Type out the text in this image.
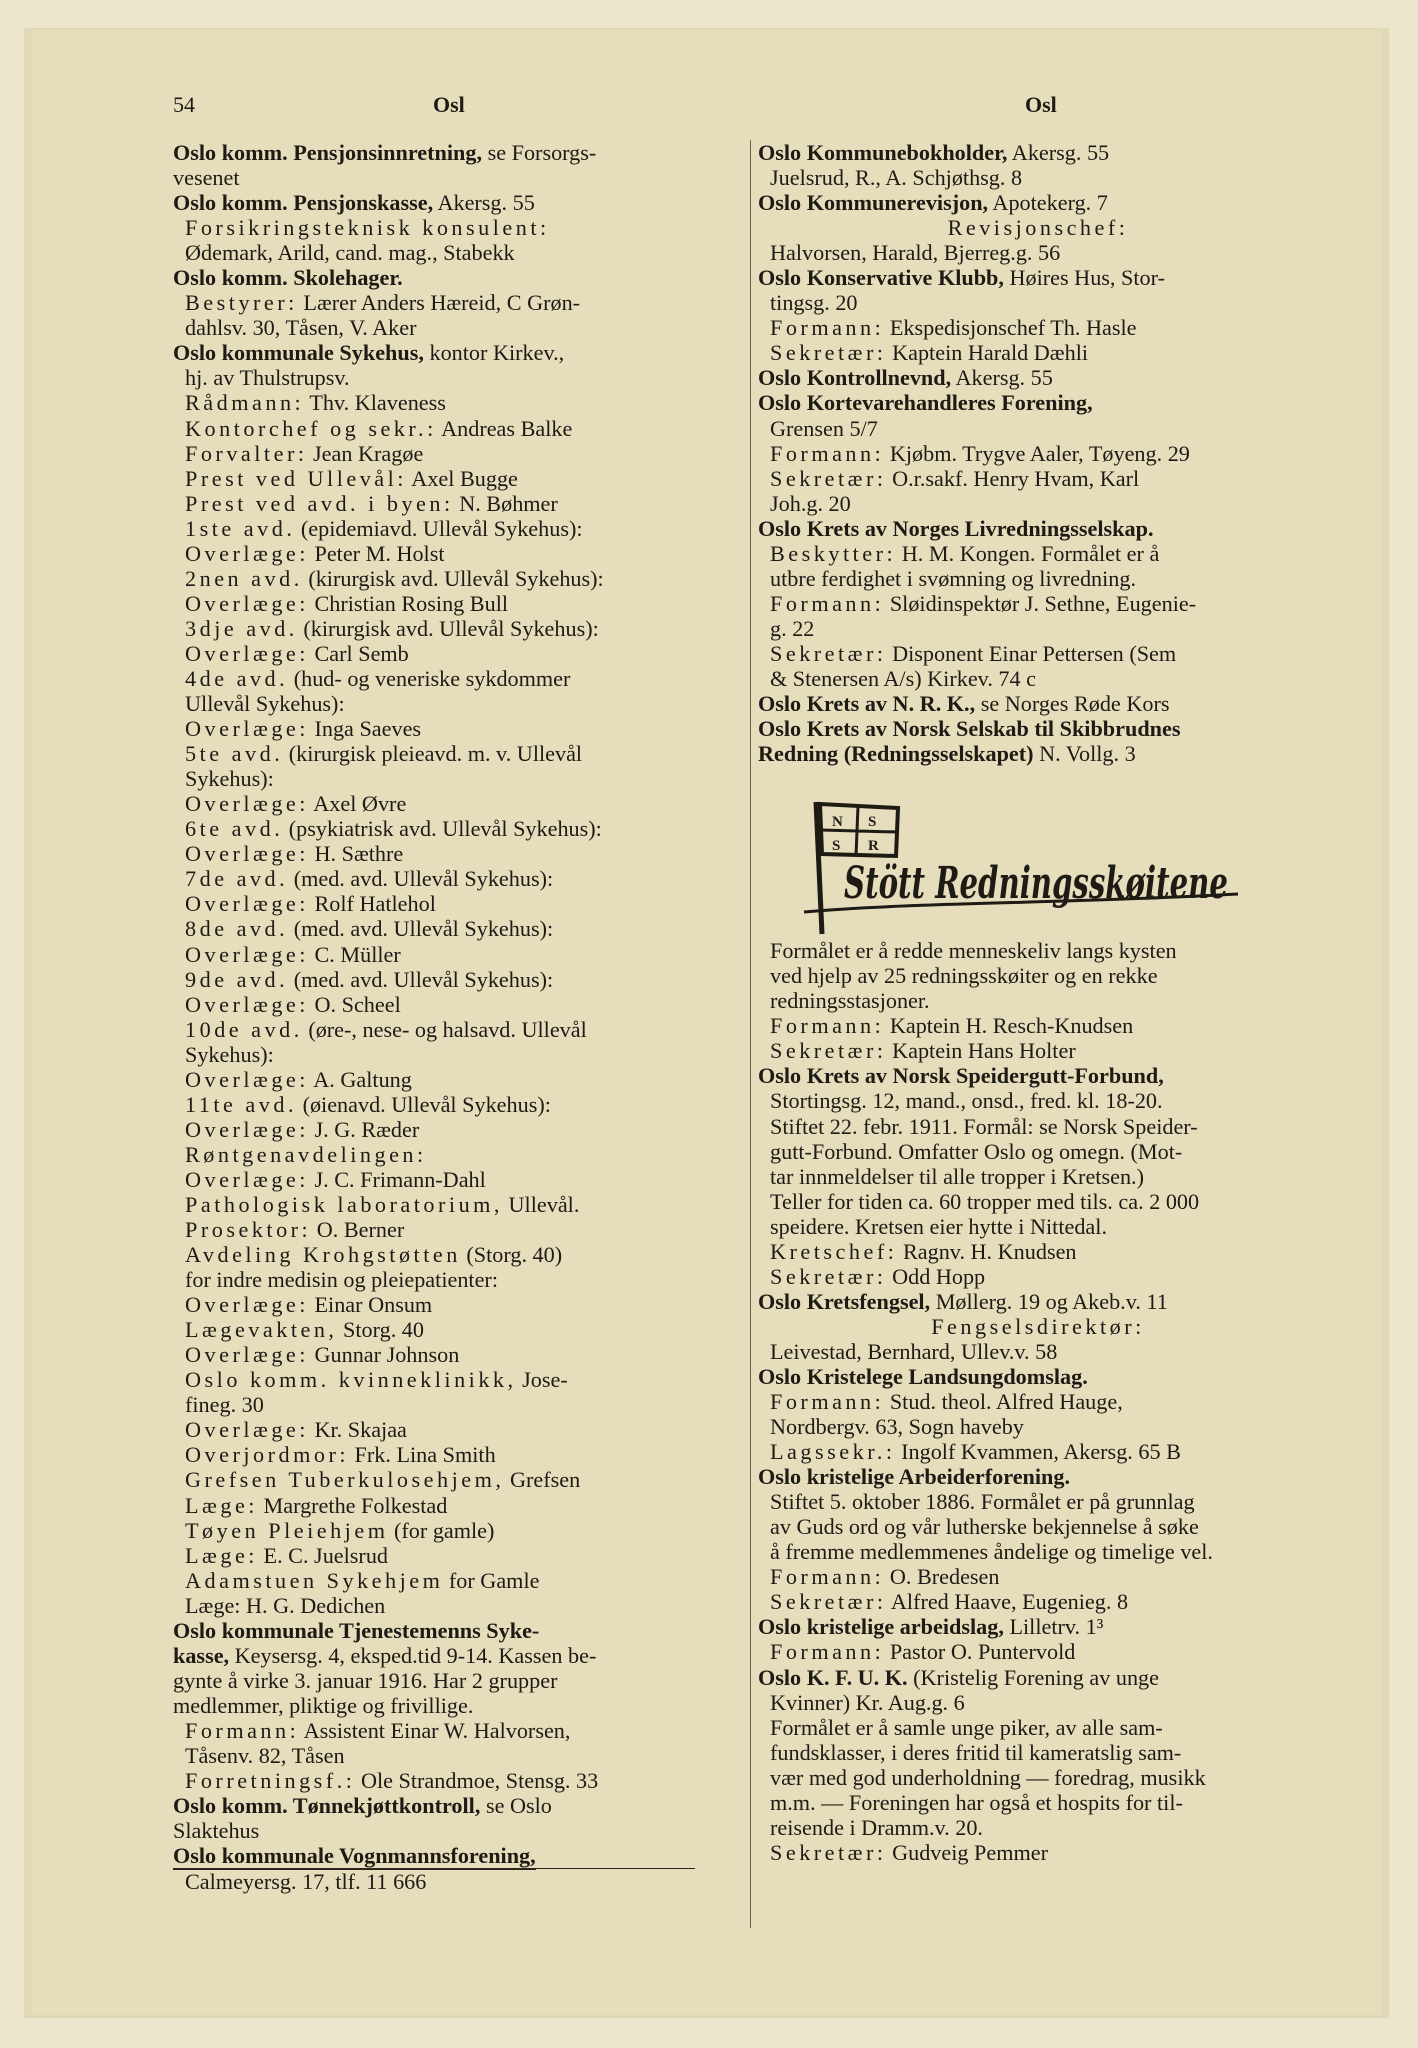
54	Osl	Osl
Oslo komm. Pensjonsinnretning, se Forsorgs-
vesenet
Oslo komm. Pensjonskasse, Akersg. 55
Forsikringsteknisk konsulent:
Ødemark, Arild, cand. mag., Stabekk
Oslo komm. Skolehager.
Bestyrer: Lærer Anders Hæreid, C Grøn-
dahlsv. 30, Tåsen, V. Aker
Oslo kommunale Sykehus, kontor Kirkev.,
hj. av Thulstrupsv.
Rådmann: Thv. Klaveness
Kontorchef og sekr.: Andreas Balke
Forvalter: Jean Kragøe
Prest ved Ullevål: Axel Bugge
Prest ved avd. i byen: N. Bøhmer
1ste avd. (epidemiavd. Ullevål Sykehus):
Overlæge: Peter M. Holst
2nen avd. (kirurgisk avd. Ullevål Sykehus):
Overlæge: Christian Rosing Bull
3dje avd. (kirurgisk avd. Ullevål Sykehus):
Overlæge: Carl Semb
4de avd. (hud- og veneriske sykdommer
Ullevål Sykehus):
Overlæge: Inga Saeves
5te avd. (kirurgisk pleieavd. m. v. Ullevål
Sykehus):
Overlæge: Axel Øvre
6te avd. (psykiatrisk avd. Ullevål Sykehus):
Overlæge: H. Sæthre
7de avd. (med. avd. Ullevål Sykehus):
Overlæge: Rolf Hatlehol
8de avd. (med. avd. Ullevål Sykehus):
Overlæge: C. Müller
9de avd. (med. avd. Ullevål Sykehus):
Overlæge: O. Scheel
10de avd. (øre-, nese- og halsavd. Ullevål
Sykehus):
Overlæge: A. Galtung
11te avd. (øienavd. Ullevål Sykehus):
Overlæge: J. G. Ræder
Røntgenavdelingen:
Overlæge: J. C. Frimann-Dahl
Pathologisk laboratorium, Ullevål.
Prosektor: O. Berner
Avdeling Krohgstøtten (Storg. 40)
for indre medisin og pleiepatienter:
Overlæge: Einar Onsum
Lægevakten, Storg. 40
Overlæge: Gunnar Johnson
Oslo komm. kvinneklinikk, Jose-
fineg. 30
Overlæge: Kr. Skajaa
Overjordmor: Frk. Lina Smith
Grefsen Tuberkulosehjem, Grefsen
Læge: Margrethe Folkestad
Tøyen Pleiehjem (for gamle)
Læge: E. C. Juelsrud
Adamstuen Sykehjem for Gamle
Læge: H. G. Dedichen
Oslo kommunale Tjenestemenns Syke-
kasse, Keysersg. 4, eksped.tid 9-14. Kassen be-
gynte å virke 3. januar 1916. Har 2 grupper
medlemmer, pliktige og frivillige.
Formann: Assistent Einar W. Halvorsen,
Tåsenv. 82, Tåsen
Forretningsf.: Ole Strandmoe, Stensg. 33
Oslo komm. Tønnekjøttkontroll, se Oslo
Slaktehus
Oslo kommunale Vognmannsforening,
Calmeyersg. 17, tlf. 11 666
Oslo Kommunebokholder, Akersg. 55
Juelsrud, R., A. Schjøthsg. 8
Oslo Kommunerevisjon, Apotekerg. 7
Revisjonschef:
Halvorsen, Harald, Bjerreg.g. 56
Oslo Konservative Klubb, Høires Hus, Stor-
tingsg. 20
Formann: Ekspedisjonschef Th. Hasle
Sekretær: Kaptein Harald Dæhli
Oslo Kontrollnevnd, Akersg. 55
Oslo Kortevarehandleres Forening,
Grensen 5/7
Formann: Kjøbm. Trygve Aaler, Tøyeng. 29
Sekretær: O.r.sakf. Henry Hvam, Karl
Joh.g. 20
Oslo Krets av Norges Livredningsselskap.
Beskytter: H. M. Kongen. Formålet er å
utbre ferdighet i svømning og livredning.
Formann: Sløidinspektør J. Sethne, Eugenie-
g. 22
Sekretær: Disponent Einar Pettersen (Sem
& Stenersen A/s) Kirkev. 74 c
Oslo Krets av N. R. K., se Norges Røde Kors
Oslo Krets av Norsk Selskab til Skibbrudnes
Redning (Redningsselskapet) N. Vollg. 3
N S
S R
Stött Redningsskøitene
Formålet er å redde menneskeliv langs kysten
ved hjelp av 25 redningsskøiter og en rekke
redningsstasjoner.
Formann: Kaptein H. Resch-Knudsen
Sekretær: Kaptein Hans Holter
Oslo Krets av Norsk Speidergutt-Forbund,
Stortingsg. 12, mand., onsd., fred. kl. 18-20.
Stiftet 22. febr. 1911. Formål: se Norsk Speider-
gutt-Forbund. Omfatter Oslo og omegn. (Mot-
tar innmeldelser til alle tropper i Kretsen.)
Teller for tiden ca. 60 tropper med tils. ca. 2 000
speidere. Kretsen eier hytte i Nittedal.
Kretschef: Ragnv. H. Knudsen
Sekretær: Odd Hopp
Oslo Kretsfengsel, Møllerg. 19 og Akeb.v. 11
Fengselsdirektør:
Leivestad, Bernhard, Ullev.v. 58
Oslo Kristelege Landsungdomslag.
Formann: Stud. theol. Alfred Hauge,
Nordbergv. 63, Sogn haveby
Lagssekr.: Ingolf Kvammen, Akersg. 65 B
Oslo kristelige Arbeiderforening.
Stiftet 5. oktober 1886. Formålet er på grunnlag
av Guds ord og vår lutherske bekjennelse å søke
å fremme medlemmenes åndelige og timelige vel.
Formann: O. Bredesen
Sekretær: Alfred Haave, Eugenieg. 8
Oslo kristelige arbeidslag, Lilletrv. 1³
Formann: Pastor O. Puntervold
Oslo K. F. U. K. (Kristelig Forening av unge
Kvinner) Kr. Aug.g. 6
Formålet er å samle unge piker, av alle sam-
fundsklasser, i deres fritid til kameratslig sam-
vær med god underholdning — foredrag, musikk
m.m. — Foreningen har også et hospits for til-
reisende i Dramm.v. 20.
Sekretær: Gudveig Pemmer
